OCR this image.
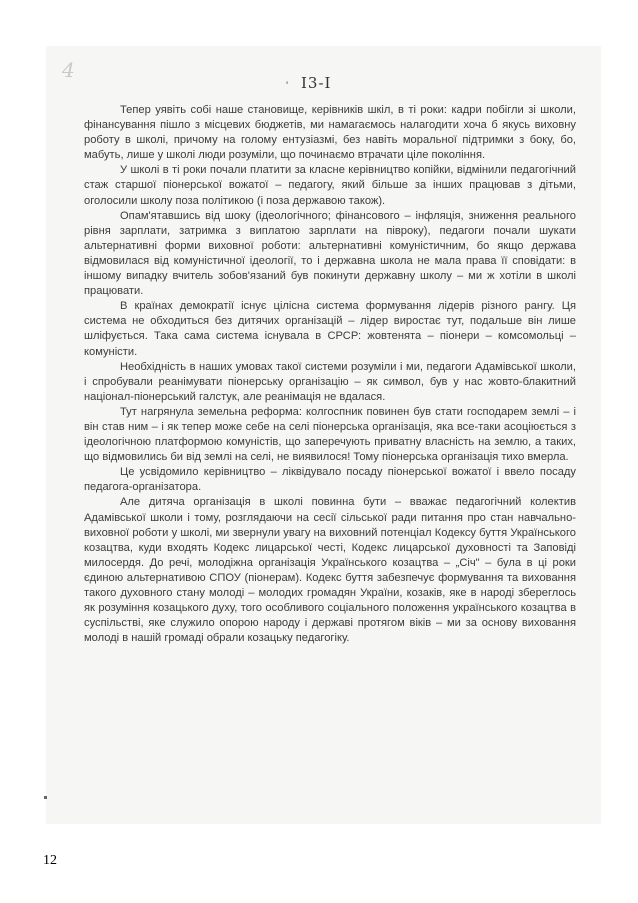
4
' I3-I

Тепер уявіть собі наше становище, керівників шкіл, в ті роки: кадри побігли зі школи, фінансування пішло з місцевих бюджетів, ми намагаємось налагодити хоча б якусь виховну роботу в школі, причому на голому ентузіазмі, без навіть моральної підтримки з боку, бо, мабуть, лише у школі люди розуміли, що починаємо втрачати ціле покоління.

У школі в ті роки почали платити за класне керівництво копійки, відмінили педагогічний стаж старшої піонерської вожатої – педагогу, який більше за інших працював з дітьми, оголосили школу поза політикою (і поза державою також).

Опам'ятавшись від шоку (ідеологічного; фінансового – інфляція, зниження реального рівня зарплати, затримка з виплатою зарплати на півроку), педагоги почали шукати альтернативні форми виховної роботи: альтернативні комуністичним, бо якщо держава відмовилася від комуністичної ідеології, то і державна школа не мала права її сповідати: в іншому випадку вчитель зобов'язаний був покинути державну школу – ми ж хотіли в школі працювати.

В країнах демократії існує цілісна система формування лідерів різного рангу. Ця система не обходиться без дитячих організацій – лідер виростає тут, подальше він лише шліфується. Така сама система існувала в СРСР: жовтенята – піонери – комсомольці – комуністи.

Необхідність в наших умовах такої системи розуміли і ми, педагоги Адамівської школи, і спробували реанімувати піонерську організацію – як символ, був у нас жовто-блакитний націонал-піонерський галстук, але реанімація не вдалася.

Тут нагрянула земельна реформа: колгоспник повинен був стати господарем землі – і він став ним – і як тепер може себе на селі піонерська організація, яка все-таки асоціюється з ідеологічною платформою комуністів, що заперечують приватну власність на землю, а таких, що відмовились би від землі на селі, не виявилося! Тому піонерська організація тихо вмерла.

Це усвідомило керівництво – ліквідувало посаду піонерської вожатої і ввело посаду педагога-організатора.

Але дитяча організація в школі повинна бути – вважає педагогічний колектив Адамівської школи і тому, розглядаючи на сесії сільської ради питання про стан навчально-виховної роботи у школі, ми звернули увагу на виховний потенціал Кодексу буття Українського козацтва, куди входять Кодекс лицарської честі, Кодекс лицарської духовності та Заповіді милосердя. До речі, молодіжна організація Українського козацтва – „Січ" – була в ці роки єдиною альтернативою СПОУ (піонерам). Кодекс буття забезпечує формування та виховання такого духовного стану молоді – молодих громадян України, козаків, яке в народі збереглось як розуміння козацького духу, того особливого соціального положення українського козацтва в суспільстві, яке служило опорою народу і державі протягом віків – ми за основу виховання молоді в нашій громаді обрали козацьку педагогіку.

12
